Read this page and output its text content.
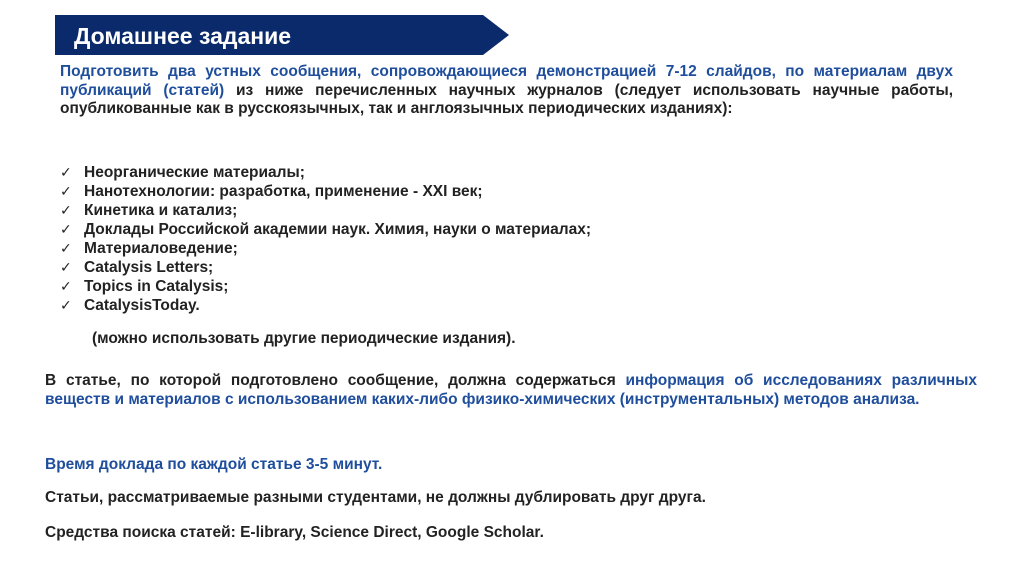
Домашнее задание

Подготовить два устных сообщения, сопровождающиеся демонстрацией 7-12 слайдов, по материалам двух публикаций (статей) из ниже перечисленных научных журналов (следует использовать научные работы, опубликованные как в русскоязычных, так и англоязычных периодических изданиях):

✓ Неорганические материалы;
✓ Нанотехнологии: разработка, применение - XXI век;
✓ Кинетика и катализ;
✓ Доклады Российской академии наук. Химия, науки о материалах;
✓ Материаловедение;
✓ Catalysis Letters;
✓ Topics in Catalysis;
✓ CatalysisToday.
(можно использовать другие периодические издания).

В статье, по которой подготовлено сообщение, должна содержаться информация об исследованиях различных веществ и материалов с использованием каких-либо физико-химических (инструментальных) методов анализа.

Время доклада по каждой статье 3-5 минут.

Статьи, рассматриваемые разными студентами, не должны дублировать друг друга.

Средства поиска статей: E-library, Science Direct, Google Scholar.
